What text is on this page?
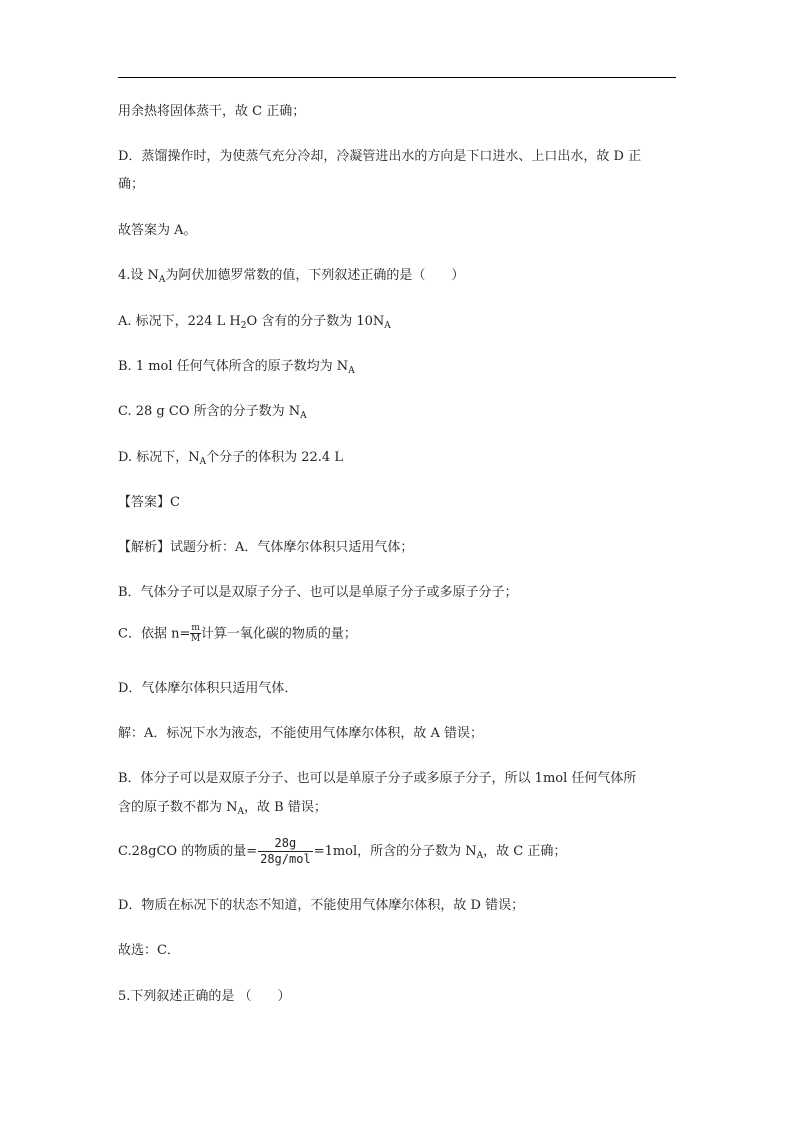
用余热将固体蒸干，故 C 正确；
D．蒸馏操作时，为使蒸气充分冷却，冷凝管进出水的方向是下口进水、上口出水，故 D 正
确；
故答案为 A。
4.设 $N_A$为阿伏加德罗常数的值，下列叙述正确的是（　　）
A. 标况下，224 L $H_2O$ 含有的分子数为 $10N_A$
B. 1 mol 任何气体所含的原子数均为 $N_A$
C. 28 g CO 所含的分子数为 $N_A$
D. 标况下，$N_A$个分子的体积为 22.4 L
【答案】C
【解析】试题分析：A．气体摩尔体积只适用气体；
B．气体分子可以是双原子分子、也可以是单原子分子或多原子分子；
C．依据 $n= \frac{m}{M}$ 计算一氧化碳的物质的量；
D．气体摩尔体积只适用气体．
解：A．标况下水为液态，不能使用气体摩尔体积，故 A 错误；
B．体分子可以是双原子分子、也可以是单原子分子或多原子分子，所以 1mol 任何气体所
含的原子数不都为 $N_A$，故 B 错误；
C.28gCO 的物质的量= $\frac{28g}{\text{28g/mol}} =1mol$，所含的分子数为 $N_A$，故 C 正确；
D．物质在标况下的状态不知道，不能使用气体摩尔体积，故 D 错误；
故选：C．
5.下列叙述正确的是 （　　）
